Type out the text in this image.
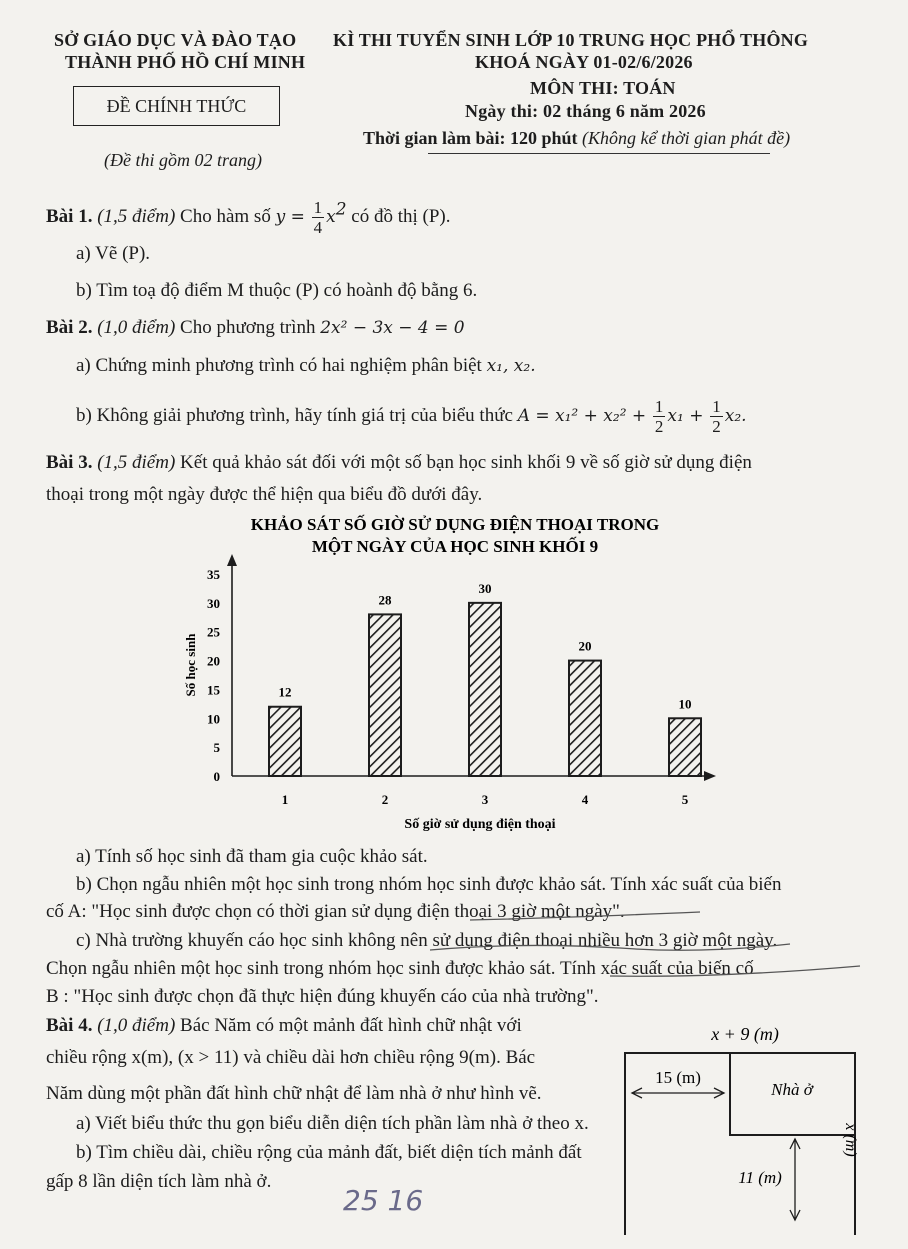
SỞ GIÁO DỤC VÀ ĐÀO TẠO
THÀNH PHỐ HỒ CHÍ MINH
ĐỀ CHÍNH THỨC
(Đề thi gồm 02 trang)
KÌ THI TUYỂN SINH LỚP 10 TRUNG HỌC PHỔ THÔNG
KHOÁ NGÀY 01-02/6/2026
MÔN THI: TOÁN
Ngày thi: 02 tháng 6 năm 2026
Thời gian làm bài: 120 phút (Không kể thời gian phát đề)
Bài 1. (1,5 điểm) Cho hàm số $y = \frac{1}{4} x^2$ có đồ thị (P).
a) Vẽ (P).
b) Tìm toạ độ điểm M thuộc (P) có hoành độ bằng 6.
Bài 2. (1,0 điểm) Cho phương trình 2x² − 3x − 4 = 0
a) Chứng minh phương trình có hai nghiệm phân biệt x₁, x₂.
b) Không giải phương trình, hãy tính giá trị của biểu thức $A = x_1^2 + x_2^2 + \frac{1}{2} x_1 + \frac{1}{2} x_2$.
Bài 3. (1,5 điểm) Kết quả khảo sát đối với một số bạn học sinh khối 9 về số giờ sử dụng điện
thoại trong một ngày được thể hiện qua biểu đồ dưới đây.
KHẢO SÁT SỐ GIỜ SỬ DỤNG ĐIỆN THOẠI TRONG
MỘT NGÀY CỦA HỌC SINH KHỐI 9
Số học sinh
Số giờ sử dụng điện thoại
0
5
10
15
20
25
30
35
12
1
28
2
30
3
20
4
10
5
a) Tính số học sinh đã tham gia cuộc khảo sát.
b) Chọn ngẫu nhiên một học sinh trong nhóm học sinh được khảo sát. Tính xác suất của biến
cố A: "Học sinh được chọn có thời gian sử dụng điện thoại 3 giờ một ngày".
c) Nhà trường khuyến cáo học sinh không nên sử dụng điện thoại nhiều hơn 3 giờ một ngày.
Chọn ngẫu nhiên một học sinh trong nhóm học sinh được khảo sát. Tính xác suất của biến cố
B : "Học sinh được chọn đã thực hiện đúng khuyến cáo của nhà trường".
Bài 4. (1,0 điểm) Bác Năm có một mảnh đất hình chữ nhật với
chiều rộng x(m), (x > 11) và chiều dài hơn chiều rộng 9(m). Bác
Năm dùng một phần đất hình chữ nhật để làm nhà ở như hình vẽ.
a) Viết biểu thức thu gọn biểu diễn diện tích phần làm nhà ở theo x.
b) Tìm chiều dài, chiều rộng của mảnh đất, biết diện tích mảnh đất
gấp 8 lần diện tích làm nhà ở.
x + 9 (m)
Nhà ở
15 (m)
11 (m)
x (m)
25 16
